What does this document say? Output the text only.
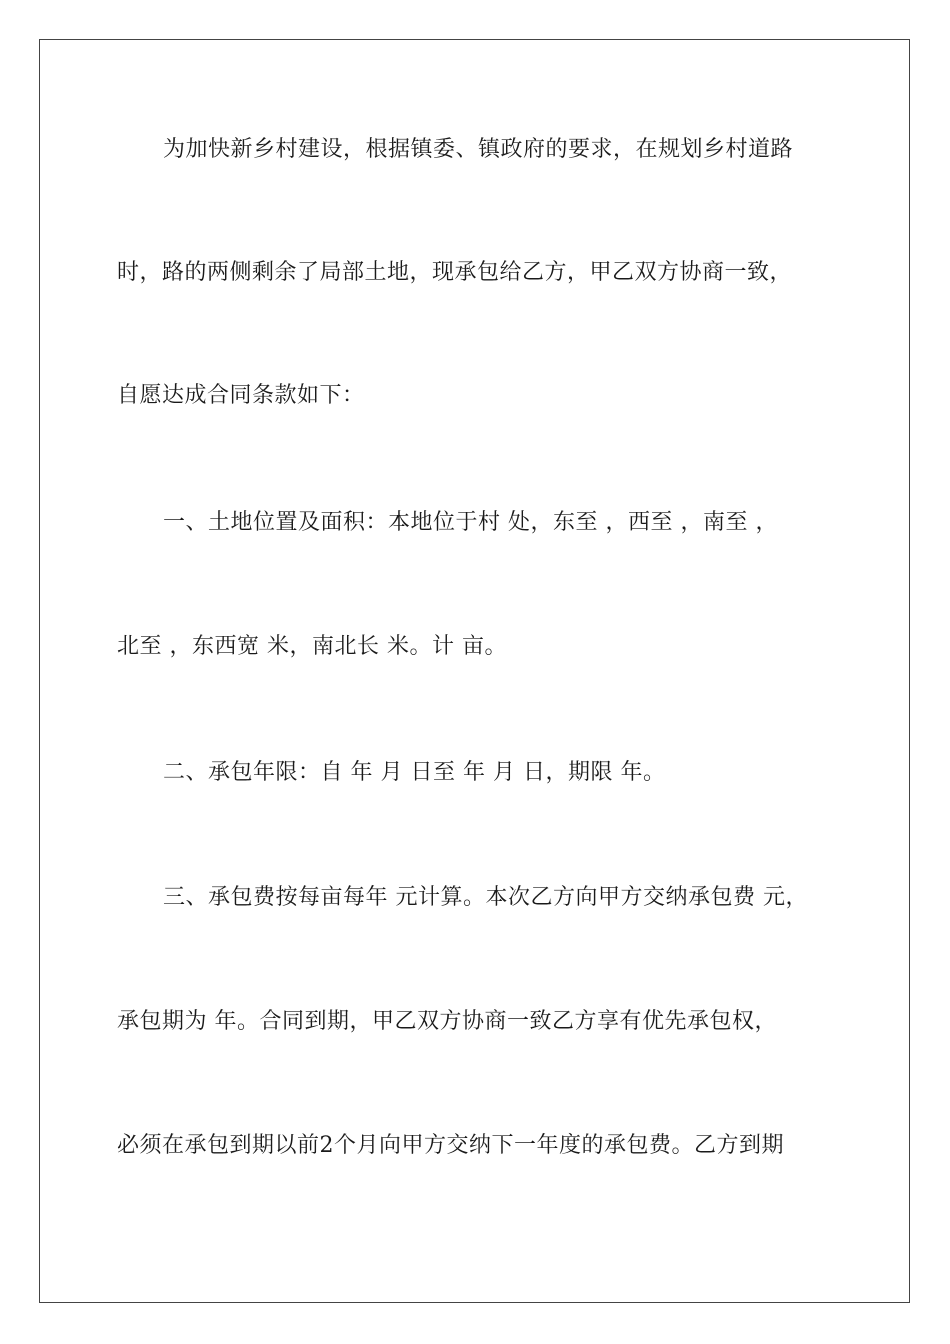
为加快新乡村建设，根据镇委、镇政府的要求，在规划乡村道路

时，路的两侧剩余了局部土地，现承包给乙方，甲乙双方协商一致，

自愿达成合同条款如下：

一、土地位置及面积：本地位于村 处，东至 ，西至 ，南至 ，

北至 ，东西宽 米，南北长 米。计 亩。

二、承包年限：自 年 月 日至 年 月 日，期限 年。

三、承包费按每亩每年 元计算。本次乙方向甲方交纳承包费 元，

承包期为 年。合同到期，甲乙双方协商一致乙方享有优先承包权，

必须在承包到期以前2个月向甲方交纳下一年度的承包费。乙方到期
